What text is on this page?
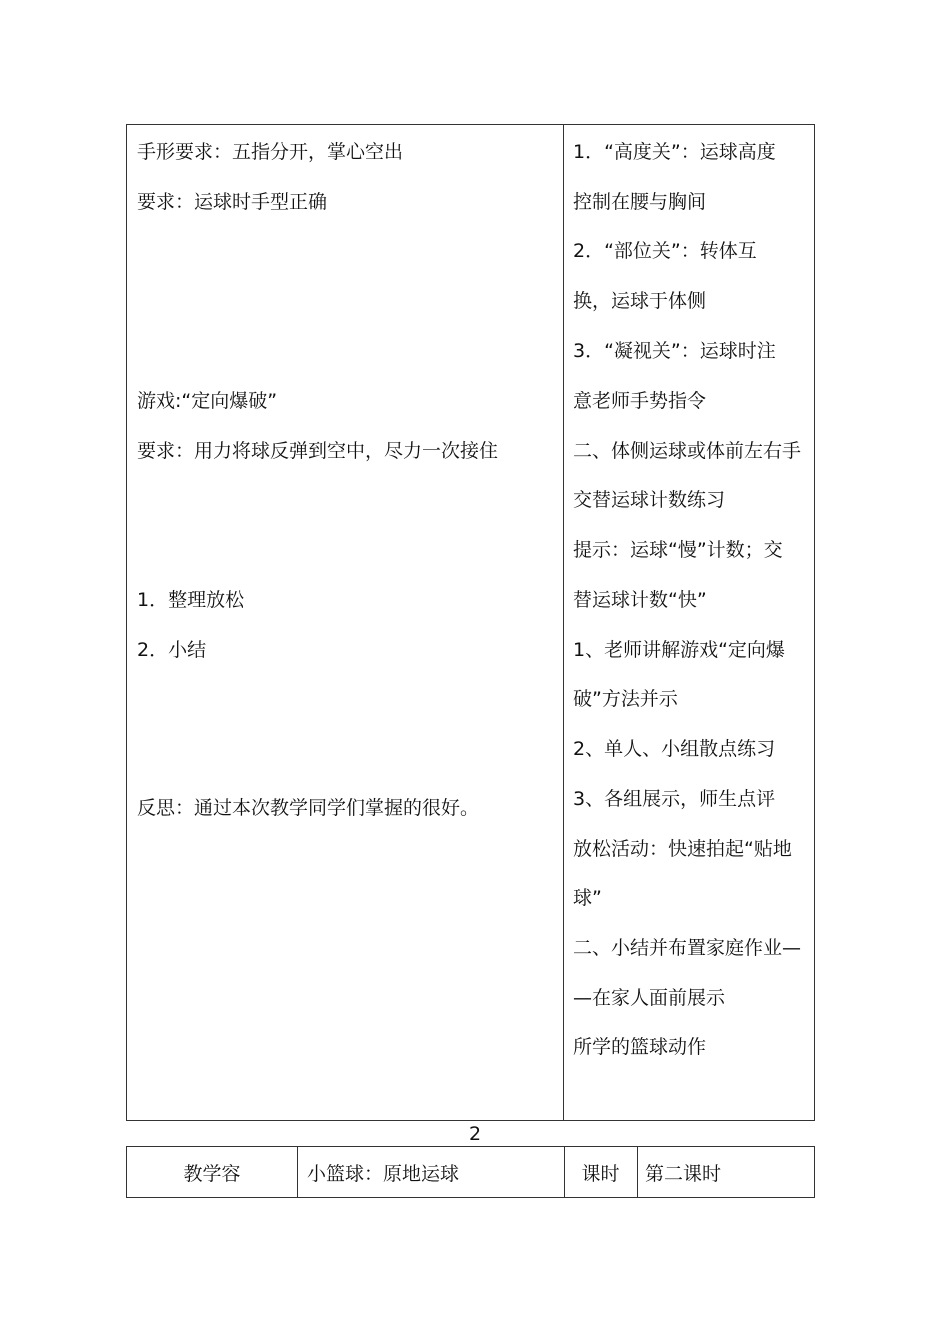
手形要求：五指分开，掌心空出
要求：运球时手型正确
游戏:“定向爆破”
要求：用力将球反弹到空中，尽力一次接住
1．整理放松
2．小结
反思：通过本次教学同学们掌握的很好。
1．“高度关”：运球高度
控制在腰与胸间
2．“部位关”：转体互
换，运球于体侧
3．“凝视关”：运球时注
意老师手势指令
二、体侧运球或体前左右手
交替运球计数练习
提示：运球“慢”计数；交
替运球计数“快”
1、老师讲解游戏“定向爆
破”方法并示
2、单人、小组散点练习
3、各组展示，师生点评
放松活动：快速拍起“贴地
球”
二、小结并布置家庭作业—
—在家人面前展示
所学的篮球动作
2
教学容	小篮球：原地运球	课时 第二课时
